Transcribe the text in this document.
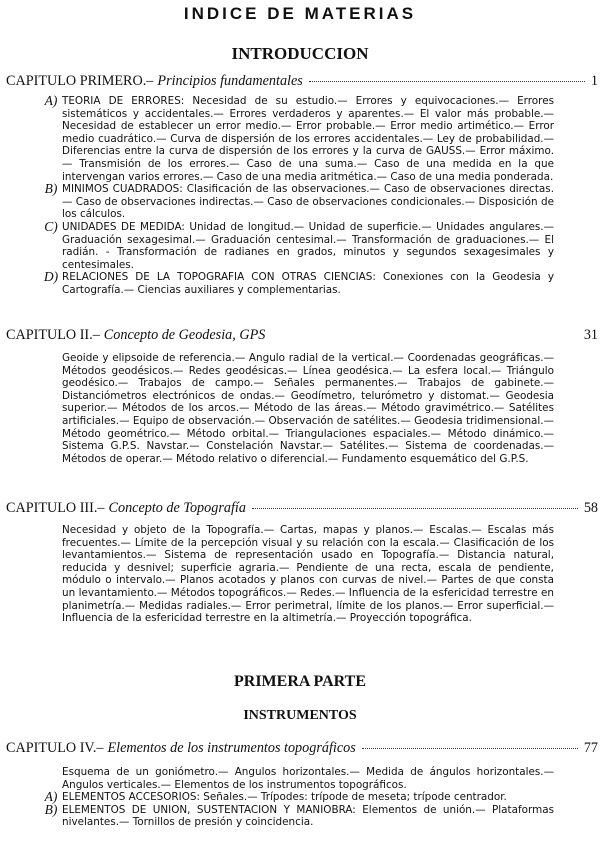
INDICE DE MATERIAS
INTRODUCCION
CAPITULO PRIMERO.– Principios fundamentales	1
A) TEORIA DE ERRORES: Necesidad de su estudio.— Errores y equivocaciones.— Errores sistemáticos y accidentales.— Errores verdaderos y aparentes.— El valor más probable.— Necesidad de establecer un error medio.— Error probable.— Error medio artimético.— Error medio cuadrático.— Curva de dispersión de los errores accidentales.— Ley de probabilidad.— Diferencias entre la curva de dispersión de los errores y la curva de GAUSS.— Error máximo.— Transmisión de los errores.— Caso de una suma.— Caso de una medida en la que intervengan varios errores.— Caso de una media aritmética.— Caso de una media ponderada.
B) MINIMOS CUADRADOS: Clasificación de las observaciones.— Caso de observaciones directas.— Caso de observaciones indirectas.— Caso de observaciones condicionales.— Disposición de los cálculos.
C) UNIDADES DE MEDIDA: Unidad de longitud.— Unidad de superficie.— Unidades angulares.— Graduación sexagesimal.— Graduación centesimal.— Transformación de graduaciones.— El radián. - Transformación de radianes en grados, minutos y segundos sexagesimales y centesimales.
D) RELACIONES DE LA TOPOGRAFIA CON OTRAS CIENCIAS: Conexiones con la Geodesia y Cartografía.— Ciencias auxiliares y complementarias.
CAPITULO II.– Concepto de Geodesia, GPS	31

Geoide y elipsoide de referencia.— Angulo radial de la vertical.— Coordenadas geográficas.— Métodos geodésicos.— Redes geodésicas.— Línea geodésica.— La esfera local.— Triángulo geodésico.— Trabajos de campo.— Señales permanentes.— Trabajos de gabinete.— Distanciómetros electrónicos de ondas.— Geodímetro, telurómetro y distomat.— Geodesia superior.— Métodos de los arcos.— Método de las áreas.— Método gravimétrico.— Satélites artificiales.— Equipo de observación.— Observación de satélites.— Geodesia tridimensional.— Método geométrico.— Método orbital.— Triangulaciones espaciales.— Método dinámico.— Sistema G.P.S. Navstar.— Constelación Navstar.— Satélites.— Sistema de coordenadas.— Métodos de operar.— Método relativo o diferencial.— Fundamento esquemático del G.P.S.

CAPITULO III.– Concepto de Topografía	58

Necesidad y objeto de la Topografía.— Cartas, mapas y planos.— Escalas.— Escalas más frecuentes.— Límite de la percepción visual y su relación con la escala.— Clasificación de los levantamientos.— Sistema de representación usado en Topografía.— Distancia natural, reducida y desnivel; superficie agraria.— Pendiente de una recta, escala de pendiente, módulo o intervalo.— Planos acotados y planos con curvas de nivel.— Partes de que consta un levantamiento.— Métodos topográficos.— Redes.— Influencia de la esfericidad terrestre en planimetría.— Medidas radiales.— Error perimetral, límite de los planos.— Error superficial.— Influencia de la esfericidad terrestre en la altimetría.— Proyección topográfica.

PRIMERA PARTE
INSTRUMENTOS
CAPITULO IV.– Elementos de los instrumentos topográficos	77

Esquema de un goniómetro.— Angulos horizontales.— Medida de ángulos horizontales.— Angulos verticales.— Elementos de los instrumentos topográficos.

A) ELEMENTOS ACCESORIOS: Señales.— Trípodes: trípode de meseta; trípode centrador.
B) ELEMENTOS DE UNION, SUSTENTACION Y MANIOBRA: Elementos de unión.— Plataformas nivelantes.— Tornillos de presión y coincidencia.
